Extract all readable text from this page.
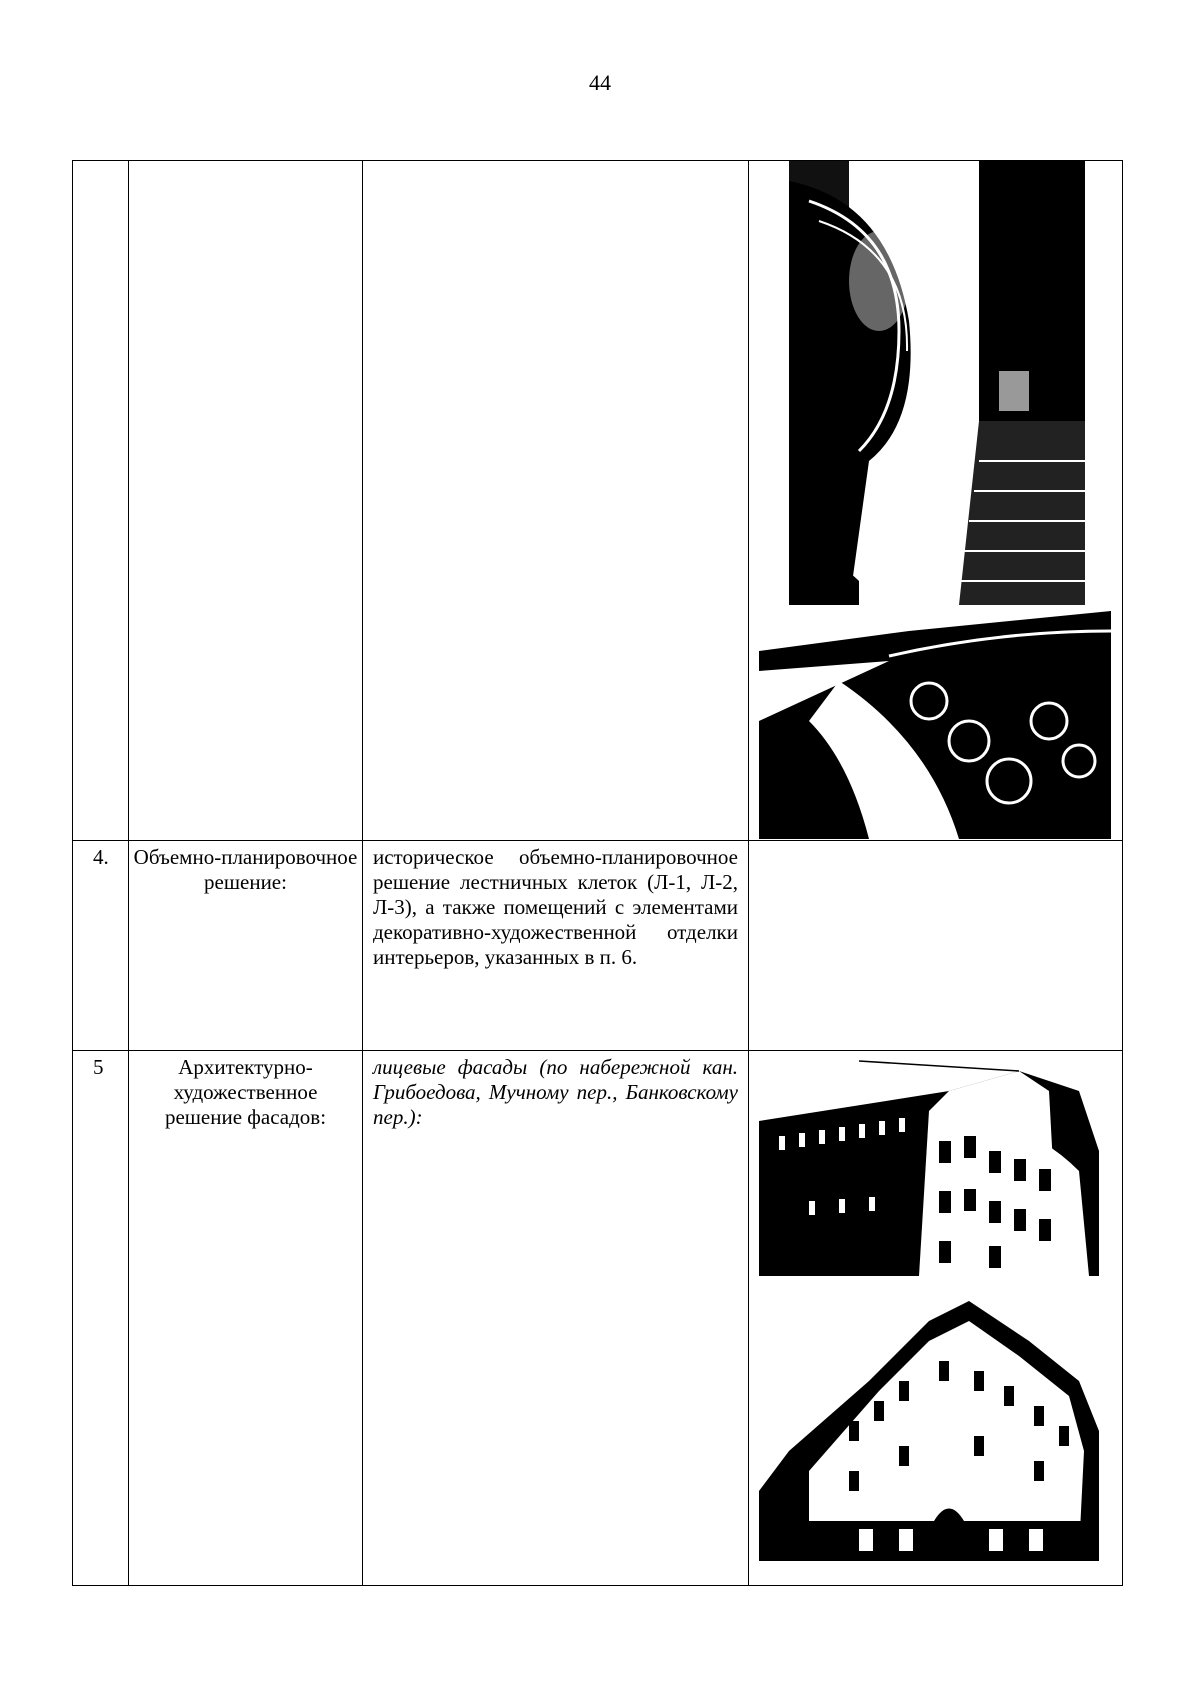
44

4.	Объемно-планировочное решение:	историческое объемно-планировочное решение лестничных клеток (Л-1, Л-2, Л-3), а также помещений с элементами декоративно-художественной отделки интерьеров, указанных в п. 6.	
5	Архитектурно-художественное решение фасадов:	лицевые фасады (по набережной кан. Грибоедова, Мучному пер., Банковскому пер.):	
